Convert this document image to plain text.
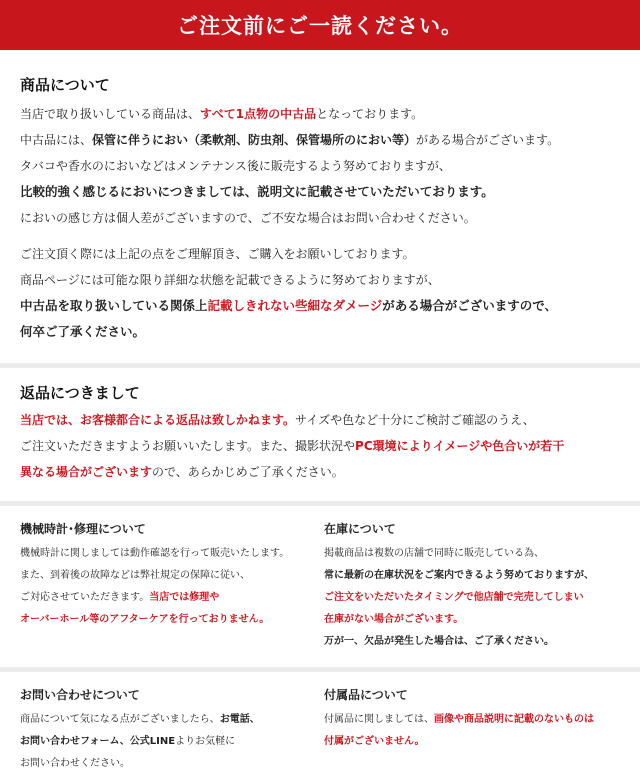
ご注文前にご一読ください。
商品について
当店で取り扱いしている商品は、すべて1点物の中古品となっております。
中古品には、保管に伴うにおい（柔軟剤、防虫剤、保管場所のにおい等）がある場合がございます。
タバコや香水のにおいなどはメンテナンス後に販売するよう努めておりますが、
比較的強く感じるにおいにつきましては、説明文に記載させていただいております。
においの感じ方は個人差がございますので、ご不安な場合はお問い合わせください。
ご注文頂く際には上記の点をご理解頂き、ご購入をお願いしております。
商品ページには可能な限り詳細な状態を記載できるように努めておりますが、
中古品を取り扱いしている関係上記載しきれない些細なダメージがある場合がございますので、
何卒ご了承ください。
返品につきまして
当店では、お客様都合による返品は致しかねます。サイズや色など十分にご検討ご確認のうえ、
ご注文いただきますようお願いいたします。また、撮影状況やPC環境によりイメージや色合いが若干
異なる場合がございますので、あらかじめご了承ください。
機械時計･修理について
機械時計に関しましては動作確認を行って販売いたします。
また、到着後の故障などは弊社規定の保障に従い、
ご対応させていただきます。当店では修理や
オーバーホール等のアフターケアを行っておりません。
在庫について
掲載商品は複数の店舗で同時に販売している為、
常に最新の在庫状況をご案内できるよう努めておりますが、
ご注文をいただいたタイミングで他店舗で完売してしまい
在庫がない場合がございます。
万が一、欠品が発生した場合は、ご了承ください。
お問い合わせについて
商品について気になる点がございましたら、お電話、
お問い合わせフォーム、公式LINEよりお気軽に
お問い合わせください。
付属品について
付属品に関しましては、画像や商品説明に記載のないものは
付属がございません。
